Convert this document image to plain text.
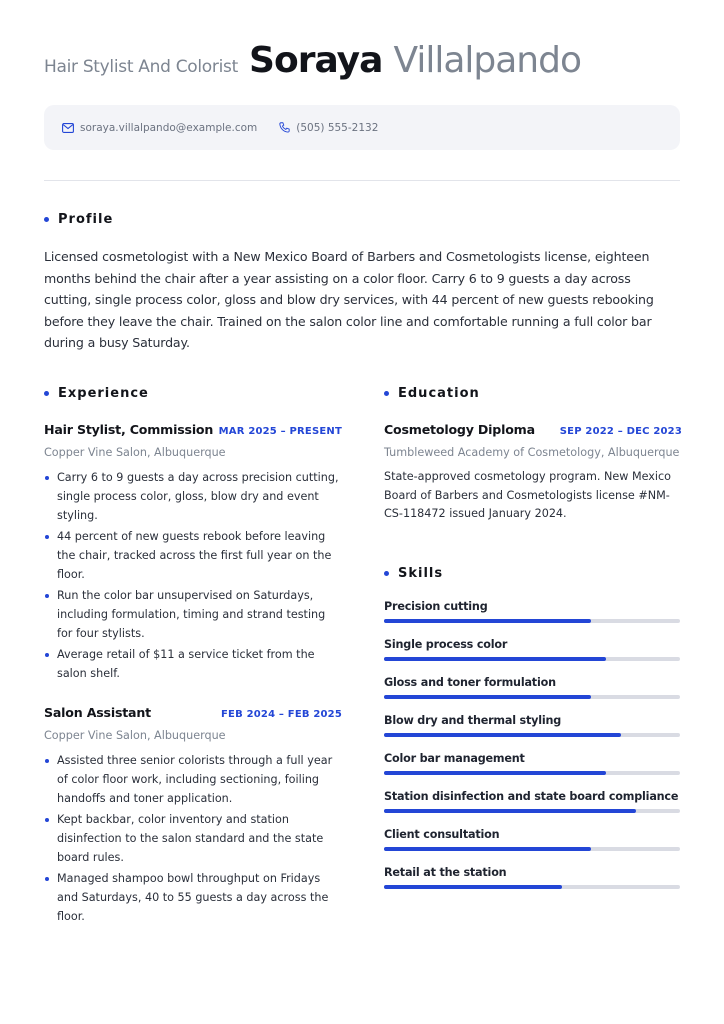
Hair Stylist And Colorist Soraya Villalpando
soraya.villalpando@example.com	(505) 555-2132
Profile

Licensed cosmetologist with a New Mexico Board of Barbers and Cosmetologists license, eighteen months behind the chair after a year assisting on a color floor. Carry 6 to 9 guests a day across cutting, single process color, gloss and blow dry services, with 44 percent of new guests rebooking before they leave the chair. Trained on the salon color line and comfortable running a full color bar during a busy Saturday.

Experience
Hair Stylist, Commission MAR 2025 – PRESENT
Copper Vine Salon, Albuquerque
Carry 6 to 9 guests a day across precision cutting, single process color, gloss, blow dry and event styling.
44 percent of new guests rebook before leaving the chair, tracked across the first full year on the floor.
Run the color bar unsupervised on Saturdays, including formulation, timing and strand testing for four stylists.
Average retail of $11 a service ticket from the salon shelf.
Salon Assistant	FEB 2024 – FEB 2025
Copper Vine Salon, Albuquerque
Assisted three senior colorists through a full year of color floor work, including sectioning, foiling handoffs and toner application.
Kept backbar, color inventory and station disinfection to the salon standard and the state board rules.
Managed shampoo bowl throughput on Fridays and Saturdays, 40 to 55 guests a day across the floor.
Education
Cosmetology Diploma SEP 2022 – DEC 2023
Tumbleweed Academy of Cosmetology, Albuquerque

State-approved cosmetology program. New Mexico Board of Barbers and Cosmetologists license #NM-CS-118472 issued January 2024.

Skills
Precision cutting
Single process color
Gloss and toner formulation
Blow dry and thermal styling
Color bar management
Station disinfection and state board compliance
Client consultation
Retail at the station
